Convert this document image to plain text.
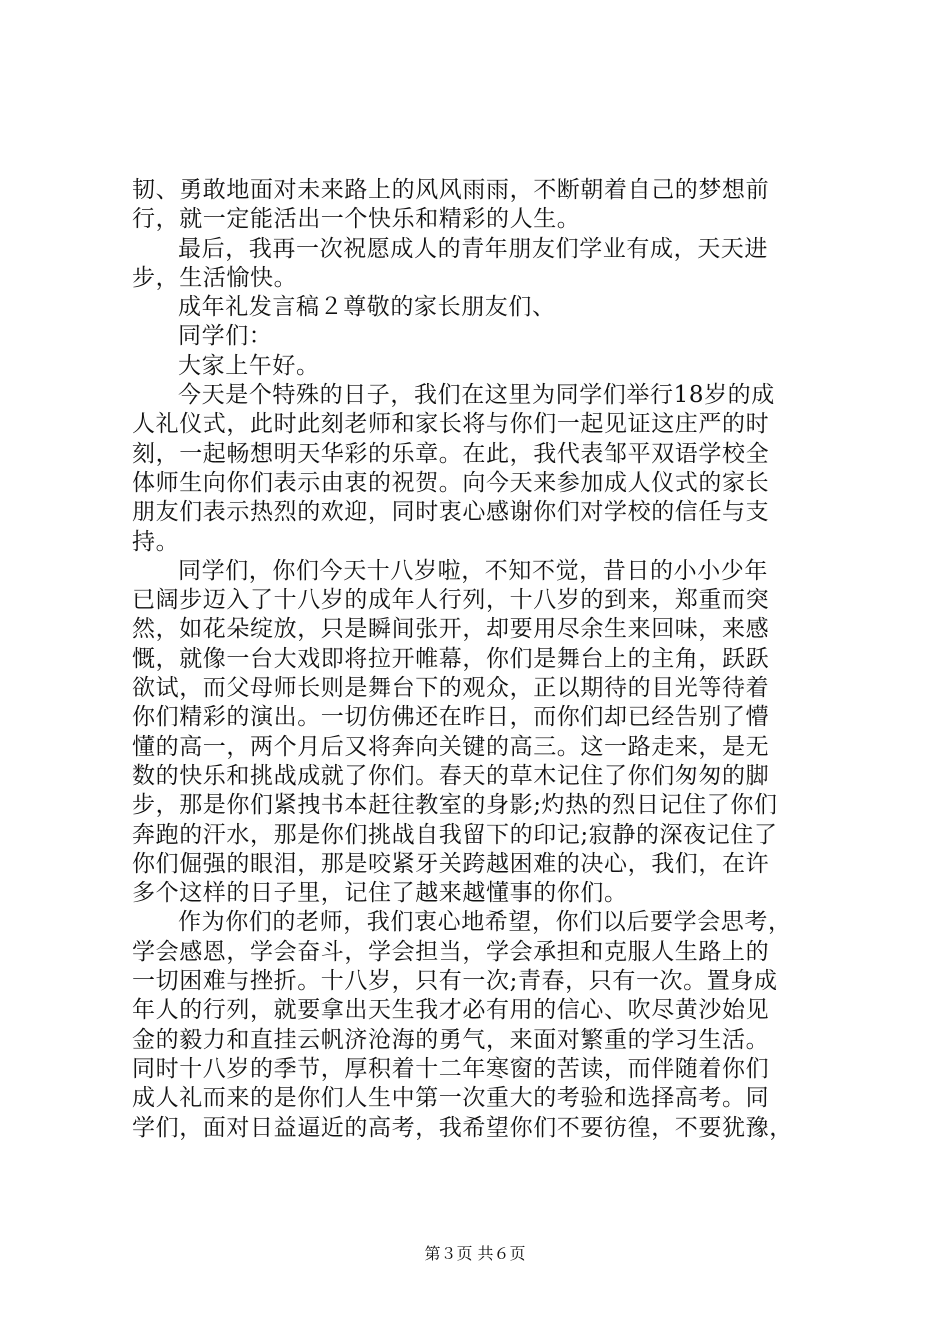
韧、勇敢地面对未来路上的风风雨雨，不断朝着自己的梦想前
行，就一定能活出一个快乐和精彩的人生。
最后，我再一次祝愿成人的青年朋友们学业有成，天天进
步，生活愉快。
成年礼发言稿２尊敬的家长朋友们、
同学们：
大家上午好。
今天是个特殊的日子，我们在这里为同学们举行18岁的成
人礼仪式，此时此刻老师和家长将与你们一起见证这庄严的时
刻，一起畅想明天华彩的乐章。在此，我代表邹平双语学校全
体师生向你们表示由衷的祝贺。向今天来参加成人仪式的家长
朋友们表示热烈的欢迎，同时衷心感谢你们对学校的信任与支
持。
同学们，你们今天十八岁啦，不知不觉，昔日的小小少年
已阔步迈入了十八岁的成年人行列，十八岁的到来，郑重而突
然，如花朵绽放，只是瞬间张开，却要用尽余生来回味，来感
慨，就像一台大戏即将拉开帷幕，你们是舞台上的主角，跃跃
欲试，而父母师长则是舞台下的观众，正以期待的目光等待着
你们精彩的演出。一切仿佛还在昨日，而你们却已经告别了懵
懂的高一，两个月后又将奔向关键的高三。这一路走来，是无
数的快乐和挑战成就了你们。春天的草木记住了你们匆匆的脚
步，那是你们紧拽书本赶往教室的身影;灼热的烈日记住了你们
奔跑的汗水，那是你们挑战自我留下的印记;寂静的深夜记住了
你们倔强的眼泪，那是咬紧牙关跨越困难的决心，我们，在许
多个这样的日子里，记住了越来越懂事的你们。
作为你们的老师，我们衷心地希望，你们以后要学会思考，
学会感恩，学会奋斗，学会担当，学会承担和克服人生路上的
一切困难与挫折。十八岁，只有一次;青春，只有一次。置身成
年人的行列，就要拿出天生我才必有用的信心、吹尽黄沙始见
金的毅力和直挂云帆济沧海的勇气，来面对繁重的学习生活。
同时十八岁的季节，厚积着十二年寒窗的苦读，而伴随着你们
成人礼而来的是你们人生中第一次重大的考验和选择高考。同
学们，面对日益逼近的高考，我希望你们不要彷徨，不要犹豫，
第３页 共６页
